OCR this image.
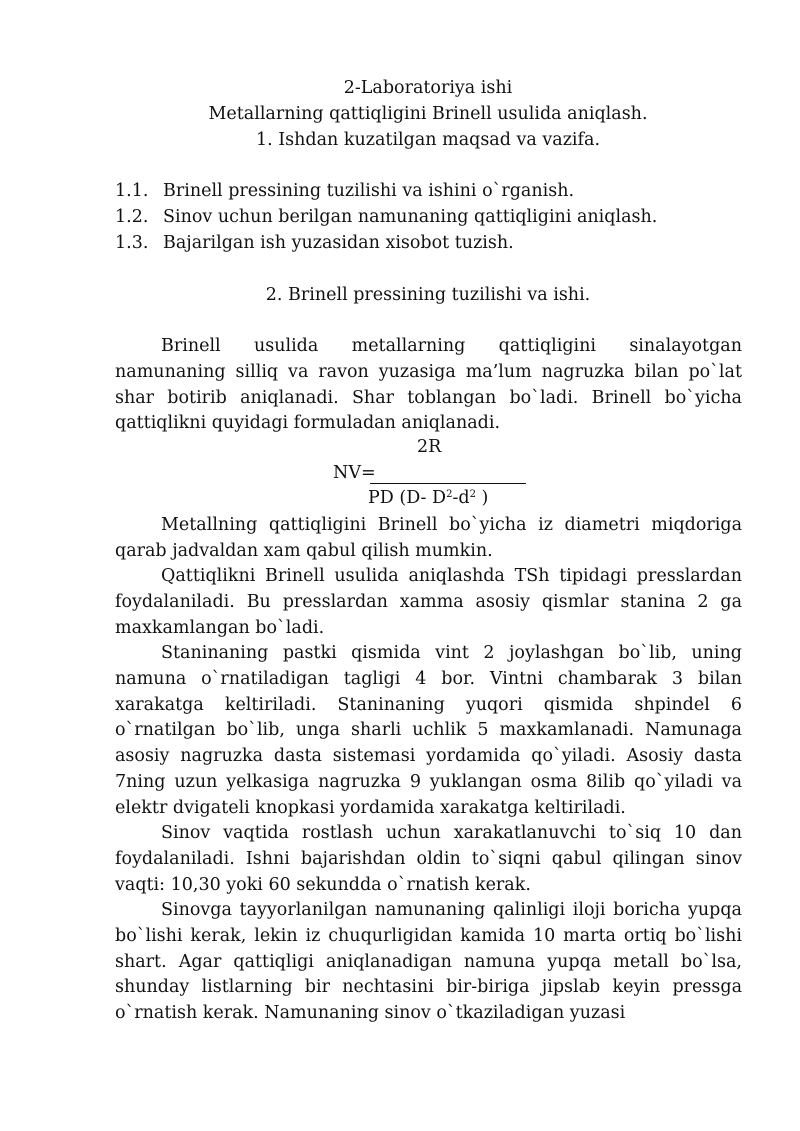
2-Laboratoriya ishi
Metallarning qattiqligini Brinell usulida aniqlash.
1. Ishdan kuzatilgan maqsad va vazifa.
1.1. Brinell pressining tuzilishi va ishini o`rganish.
1.2. Sinov uchun berilgan namunaning qattiqligini aniqlash.
1.3. Bajarilgan ish yuzasidan xisobot tuzish.
2. Brinell pressining tuzilishi va ishi.

Brinell usulida metallarning qattiqligini sinalayotgan namunaning silliq va ravon yuzasiga ma’lum nagruzka bilan po`lat shar botirib aniqlanadi. Shar toblangan bo`ladi. Brinell bo`yicha qattiqlikni quyidagi formuladan aniqlanadi.

2R
NV=
PD (D- $D^2-d^2$ )

Metallning qattiqligini Brinell bo`yicha iz diametri miqdoriga qarab jadvaldan xam qabul qilish mumkin.

Qattiqlikni Brinell usulida aniqlashda TSh tipidagi presslardan foydalaniladi. Bu presslardan xamma asosiy qismlar stanina 2 ga maxkamlangan bo`ladi.

Staninaning pastki qismida vint 2 joylashgan bo`lib, uning namuna o`rnatiladigan tagligi 4 bor. Vintni chambarak 3 bilan xarakatga keltiriladi. Staninaning yuqori qismida shpindel 6 o`rnatilgan bo`lib, unga sharli uchlik 5 maxkamlanadi. Namunaga asosiy nagruzka dasta sistemasi yordamida qo`yiladi. Asosiy dasta 7ning uzun yelkasiga nagruzka 9 yuklangan osma 8ilib qo`yiladi va elektr dvigateli knopkasi yordamida xarakatga keltiriladi.

Sinov vaqtida rostlash uchun xarakatlanuvchi to`siq 10 dan foydalaniladi. Ishni bajarishdan oldin to`siqni qabul qilingan sinov vaqti: 10,30 yoki 60 sekundda o`rnatish kerak.

Sinovga tayyorlanilgan namunaning qalinligi iloji boricha yupqa bo`lishi kerak, lekin iz chuqurligidan kamida 10 marta ortiq bo`lishi shart. Agar qattiqligi aniqlanadigan namuna yupqa metall bo`lsa, shunday listlarning bir nechtasini bir-biriga jipslab keyin pressga o`rnatish kerak. Namunaning sinov o`tkaziladigan yuzasi
